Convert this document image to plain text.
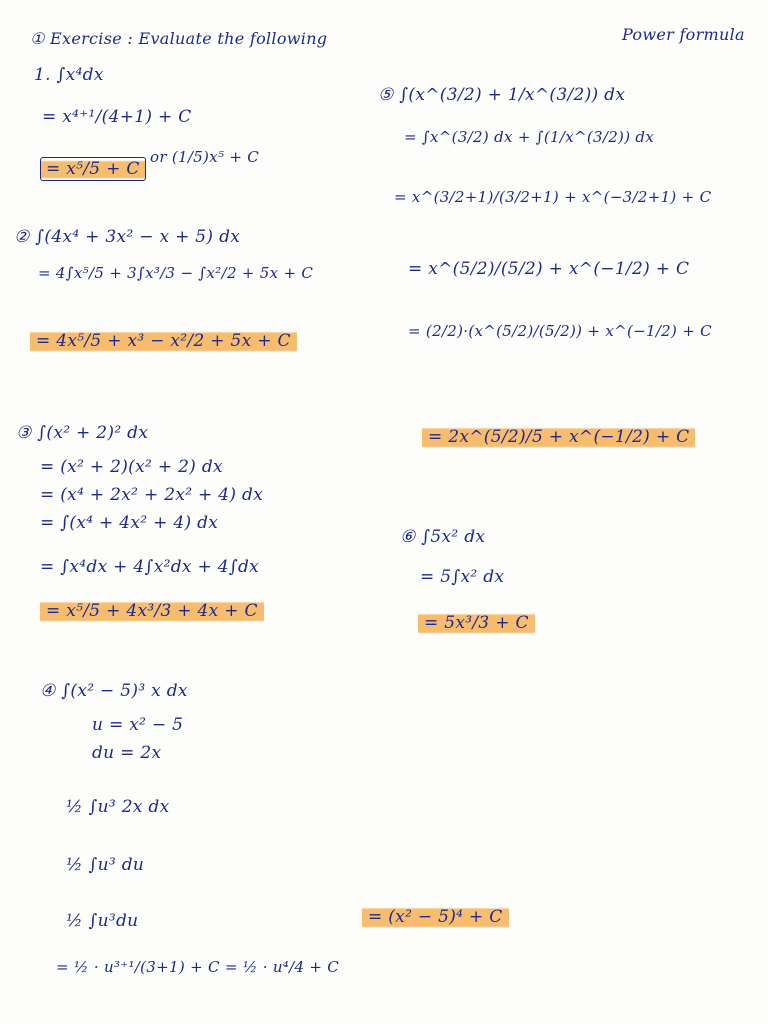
① Exercise : Evaluate the following	Power formula
1. ∫x⁴dx
= x⁴⁺¹/(4+1) + C
= x⁵/5 + C
or (1/5)x⁵ + C
② ∫(4x⁴ + 3x² − x + 5) dx
= 4∫x⁵/5 + 3∫x³/3 − ∫x²/2 + 5x + C
= 4x⁵/5 + x³ − x²/2 + 5x + C
③ ∫(x² + 2)² dx
= (x² + 2)(x² + 2) dx
= (x⁴ + 2x² + 2x² + 4) dx
= ∫(x⁴ + 4x² + 4) dx
= ∫x⁴dx + 4∫x²dx + 4∫dx
= x⁵/5 + 4x³/3 + 4x + C
④ ∫(x² − 5)³ x dx
u = x² − 5
du = 2x
½ ∫u³ 2x dx
½ ∫u³ du
½ ∫u³du
= ½ · u³⁺¹/(3+1) + C = ½ · u⁴/4 + C
= (x² − 5)⁴ + C
⑤ ∫(x^(3/2) + 1/x^(3/2)) dx
= ∫x^(3/2) dx + ∫(1/x^(3/2)) dx
= x^(3/2+1)/(3/2+1) + x^(−3/2+1) + C
= x^(5/2)/(5/2) + x^(−1/2) + C
= (2/2)·(x^(5/2)/(5/2)) + x^(−1/2) + C
= 2x^(5/2)/5 + x^(−1/2) + C
⑥ ∫5x² dx
= 5∫x² dx
= 5x³/3 + C
